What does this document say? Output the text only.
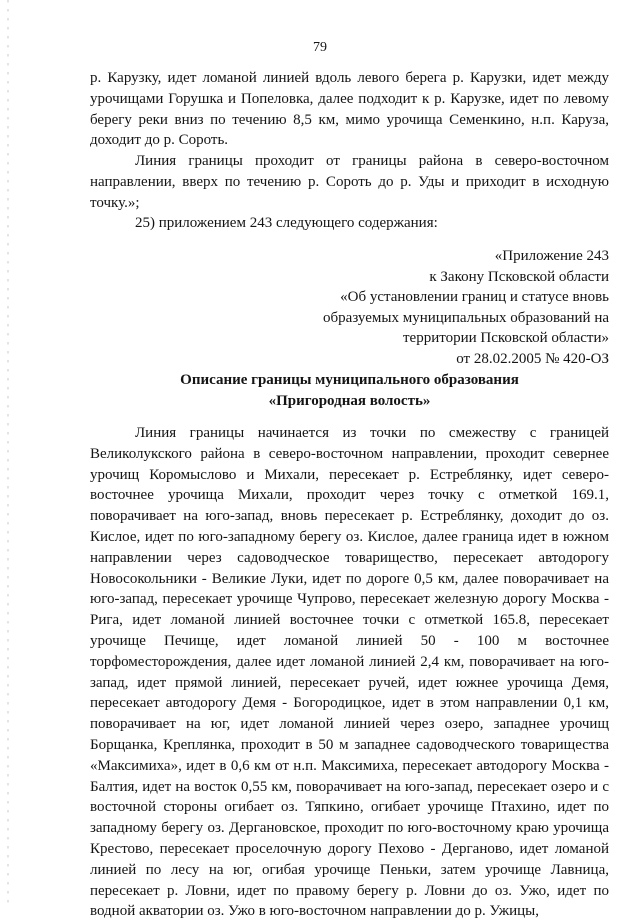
79

р. Карузку, идет ломаной линией вдоль левого берега р. Карузки, идет между урочищами Горушка и Попеловка, далее подходит к р. Карузке, идет по левому берегу реки вниз по течению 8,5 км, мимо урочища Семенкино, н.п. Каруза, доходит до р. Сороть.

Линия границы проходит от границы района в северо-восточном направлении, вверх по течению р. Сороть до р. Уды и приходит в исходную точку.»;

25) приложением 243 следующего содержания:

«Приложение 243
к Закону Псковской области
«Об установлении границ и статусе вновь
образуемых муниципальных образований на
территории Псковской области»
от 28.02.2005 № 420-ОЗ
Описание границы муниципального образования
«Пригородная волость»

Линия границы начинается из точки по смежеству с границей Великолукского района в северо-восточном направлении, проходит севернее урочищ Коромыслово и Михали, пересекает р. Естреблянку, идет северо-восточнее урочища Михали, проходит через точку с отметкой 169.1, поворачивает на юго-запад, вновь пересекает р. Естреблянку, доходит до оз. Кислое, идет по юго-западному берегу оз. Кислое, далее граница идет в южном направлении через садоводческое товарищество, пересекает автодорогу Новосокольники - Великие Луки, идет по дороге 0,5 км, далее поворачивает на юго-запад, пересекает урочище Чупрово, пересекает железную дорогу Москва - Рига, идет ломаной линией восточнее точки с отметкой 165.8, пересекает урочище Печище, идет ломаной линией 50 - 100 м восточнее торфоместорождения, далее идет ломаной линией 2,4 км, поворачивает на юго-запад, идет прямой линией, пересекает ручей, идет южнее урочища Демя, пересекает автодорогу Демя - Богородицкое, идет в этом направлении 0,1 км, поворачивает на юг, идет ломаной линией через озеро, западнее урочищ Борщанка, Креплянка, проходит в 50 м западнее садоводческого товарищества «Максимиха», идет в 0,6 км от н.п. Максимиха, пересекает автодорогу Москва - Балтия, идет на восток 0,55 км, поворачивает на юго-запад, пересекает озеро и с восточной стороны огибает оз. Тяпкино, огибает урочище Птахино, идет по западному берегу оз. Дергановское, проходит по юго-восточному краю урочища Крестово, пересекает проселочную дорогу Пехово - Дерганово, идет ломаной линией по лесу на юг, огибая урочище Пеньки, затем урочище Лавница, пересекает р. Ловни, идет по правому берегу р. Ловни до оз. Ужо, идет по водной акватории оз. Ужо в юго-восточном направлении до р. Ужицы,
